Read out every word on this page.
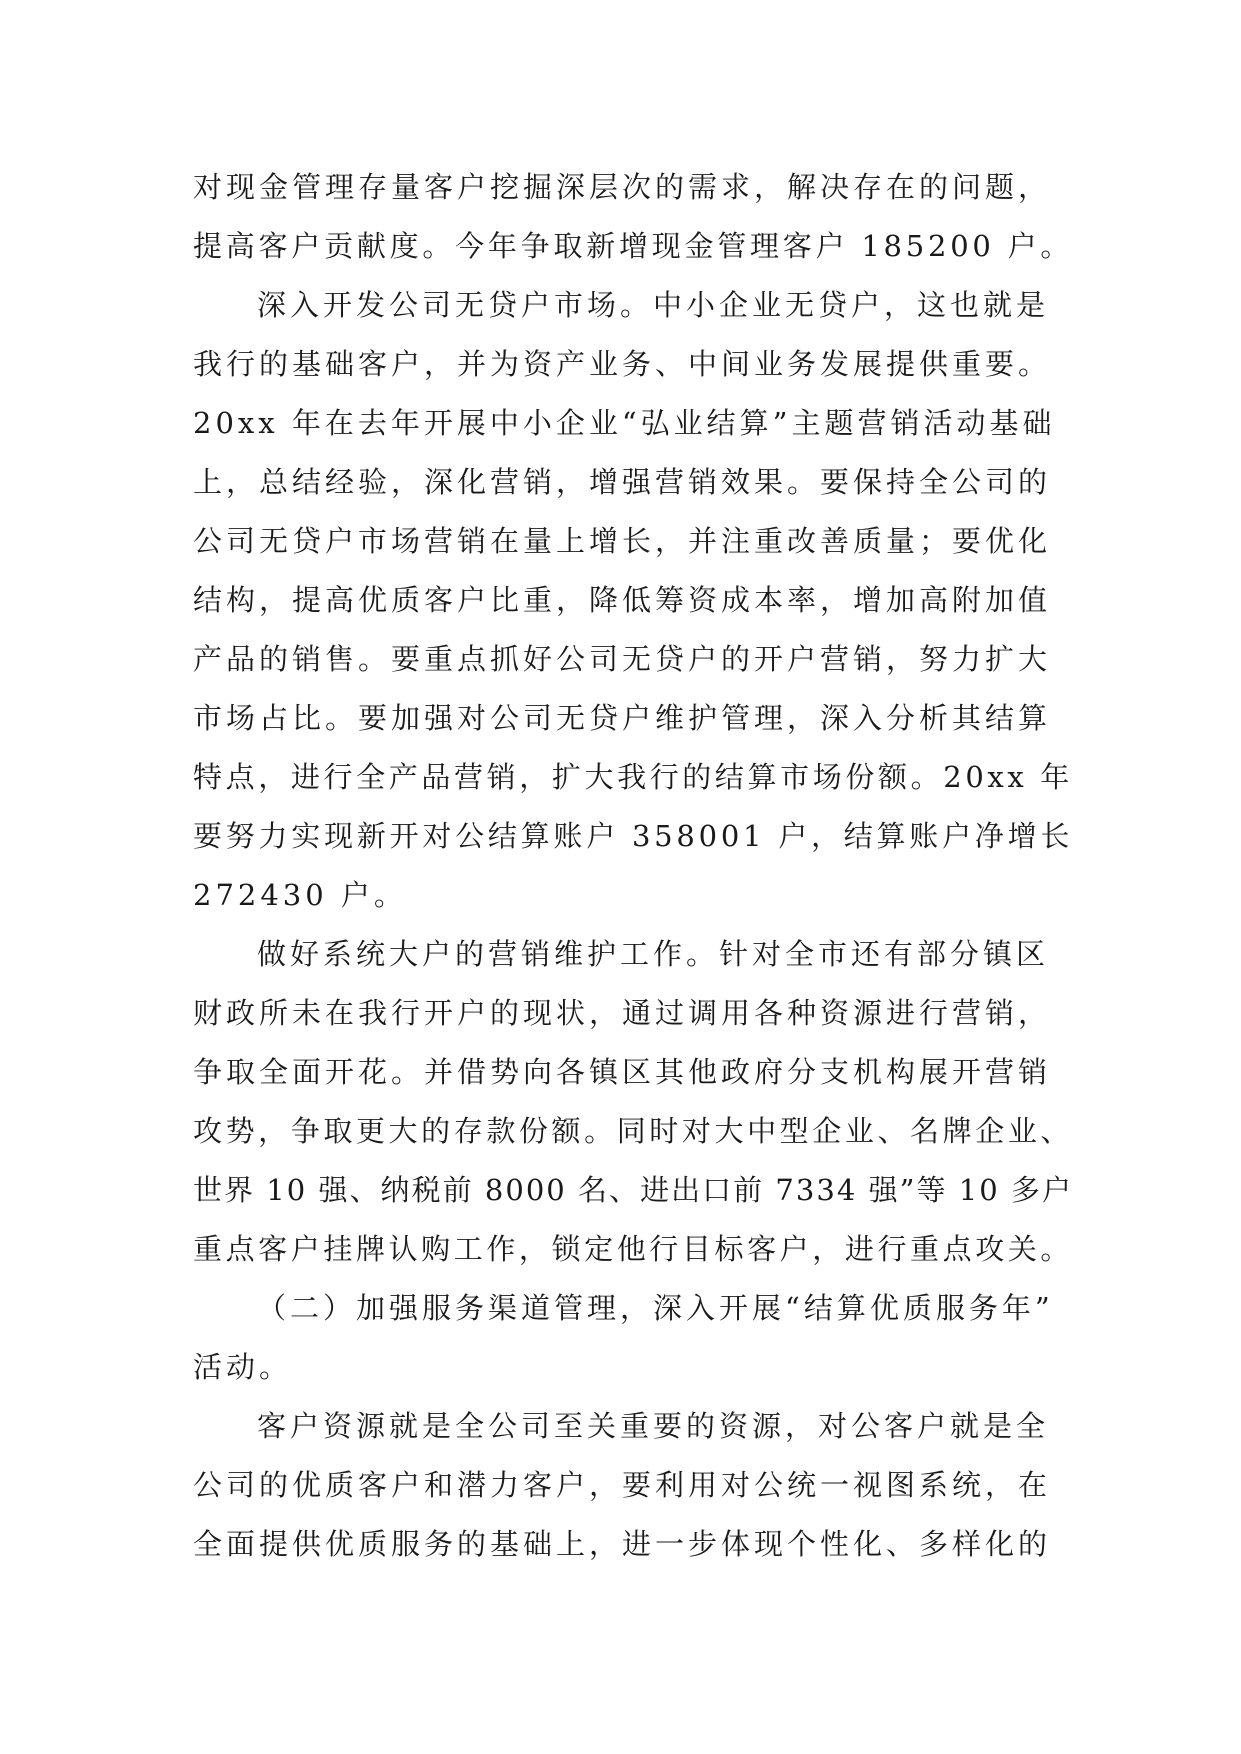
对现金管理存量客户挖掘深层次的需求，解决存在的问题，
提高客户贡献度。今年争取新增现金管理客户 185200 户。
深入开发公司无贷户市场。中小企业无贷户，这也就是
我行的基础客户，并为资产业务、中间业务发展提供重要。
20xx 年在去年开展中小企业“弘业结算”主题营销活动基础
上，总结经验，深化营销，增强营销效果。要保持全公司的
公司无贷户市场营销在量上增长，并注重改善质量；要优化
结构，提高优质客户比重，降低筹资成本率，增加高附加值
产品的销售。要重点抓好公司无贷户的开户营销，努力扩大
市场占比。要加强对公司无贷户维护管理，深入分析其结算
特点，进行全产品营销，扩大我行的结算市场份额。20xx 年
要努力实现新开对公结算账户 358001 户，结算账户净增长
272430 户。
做好系统大户的营销维护工作。针对全市还有部分镇区
财政所未在我行开户的现状，通过调用各种资源进行营销，
争取全面开花。并借势向各镇区其他政府分支机构展开营销
攻势，争取更大的存款份额。同时对大中型企业、名牌企业、
世界 10 强、纳税前 8000 名、进出口前 7334 强”等 10 多户
重点客户挂牌认购工作，锁定他行目标客户，进行重点攻关。
（二）加强服务渠道管理，深入开展“结算优质服务年”
活动。
客户资源就是全公司至关重要的资源，对公客户就是全
公司的优质客户和潜力客户，要利用对公统一视图系统，在
全面提供优质服务的基础上，进一步体现个性化、多样化的
